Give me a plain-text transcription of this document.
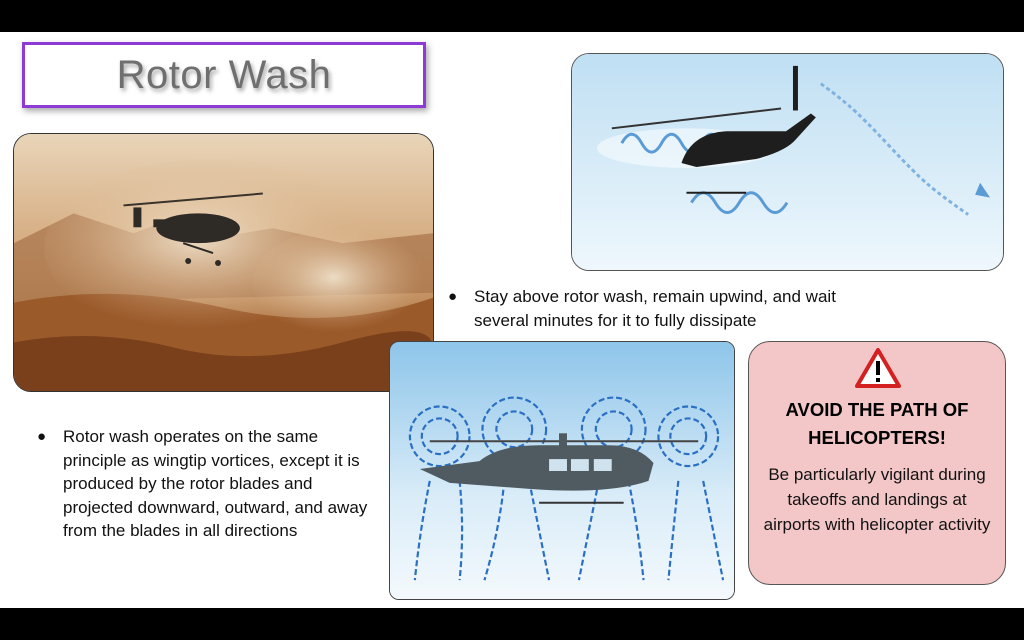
Rotor Wash

● Stay above rotor wash, remain upwind, and wait several minutes for it to fully dissipate

● Rotor wash operates on the same principle as wingtip vortices, except it is produced by the rotor blades and projected downward, outward, and away from the blades in all directions

AVOID THE PATH OF HELICOPTERS!
Be particularly vigilant during takeoffs and landings at airports with helicopter activity
